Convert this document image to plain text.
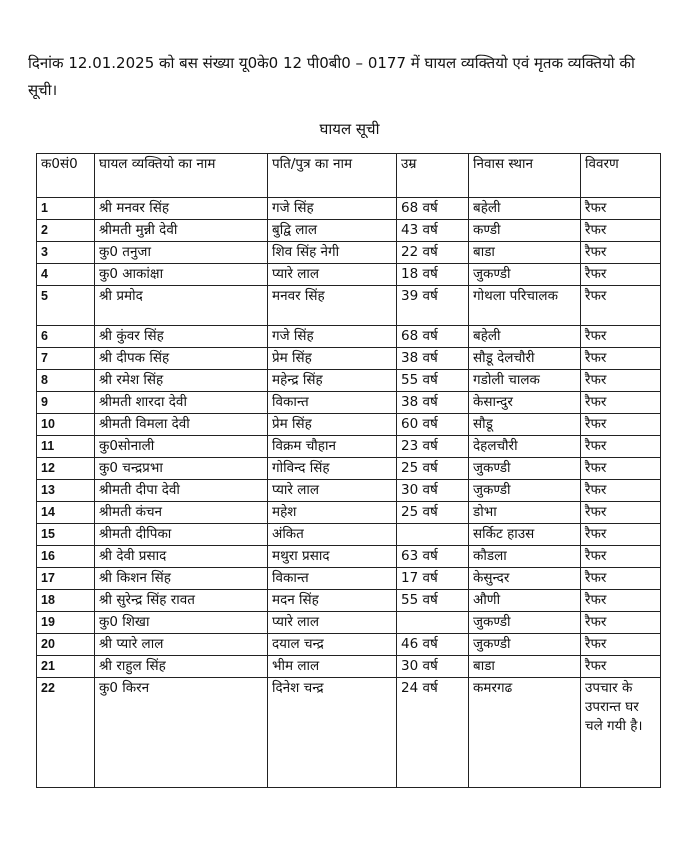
दिनांक 12.01.2025 को बस संख्या यू0के0 12 पी0बी0 – 0177 में घायल व्यक्तियो एवं मृतक व्यक्तियो की सूची।

घायल सूची
क0सं0	घायल व्यक्तियो का नाम	पति/पुत्र का नाम	उम्र	निवास स्थान	विवरण
1	श्री मनवर सिंह	गजे सिंह	68 वर्ष	बहेली	रैफर
2	श्रीमती मुन्नी देवी	बुद्वि लाल	43 वर्ष	कण्डी	रैफर
3	कु0 तनुजा	शिव सिंह नेगी	22 वर्ष	बाडा	रैफर
4	कु0 आकांक्षा	प्यारे लाल	18 वर्ष	जुकण्डी	रैफर
5	श्री प्रमोद	मनवर सिंह	39 वर्ष	गोथला परिचालक	रैफर
6	श्री कुंवर सिंह	गजे सिंह	68 वर्ष	बहेली	रैफर
7	श्री दीपक सिंह	प्रेम सिंह	38 वर्ष	सौडू देलचौरी	रैफर
8	श्री रमेश सिंह	महेन्द्र सिंह	55 वर्ष	गडोली चालक	रैफर
9	श्रीमती शारदा देवी	विकान्त	38 वर्ष	केसान्दुर	रैफर
10	श्रीमती विमला देवी	प्रेम सिंह	60 वर्ष	सौडू	रैफर
11	कु0सोनाली	विक्रम चौहान	23 वर्ष	देहलचौरी	रैफर
12	कु0 चन्द्रप्रभा	गोविन्द सिंह	25 वर्ष	जुकण्डी	रैफर
13	श्रीमती दीपा देवी	प्यारे लाल	30 वर्ष	जुकण्डी	रैफर
14	श्रीमती कंचन	महेश	25 वर्ष	डोभा	रैफर
15	श्रीमती दीपिका	अंकित		सर्किट हाउस	रैफर
16	श्री देवी प्रसाद	मथुरा प्रसाद	63 वर्ष	कौडला	रैफर
17	श्री किशन सिंह	विकान्त	17 वर्ष	केसुन्दर	रैफर
18	श्री सुरेन्द्र सिंह रावत	मदन सिंह	55 वर्ष	औणी	रैफर
19	कु0 शिखा	प्यारे लाल		जुकण्डी	रैफर
20	श्री प्यारे लाल	दयाल चन्द्र	46 वर्ष	जुकण्डी	रैफर
21	श्री राहुल सिंह	भीम लाल	30 वर्ष	बाडा	रैफर
22	कु0 किरन	दिनेश चन्द्र	24 वर्ष	कमरगढ	उपचार के उपरान्त घर चले गयी है।
